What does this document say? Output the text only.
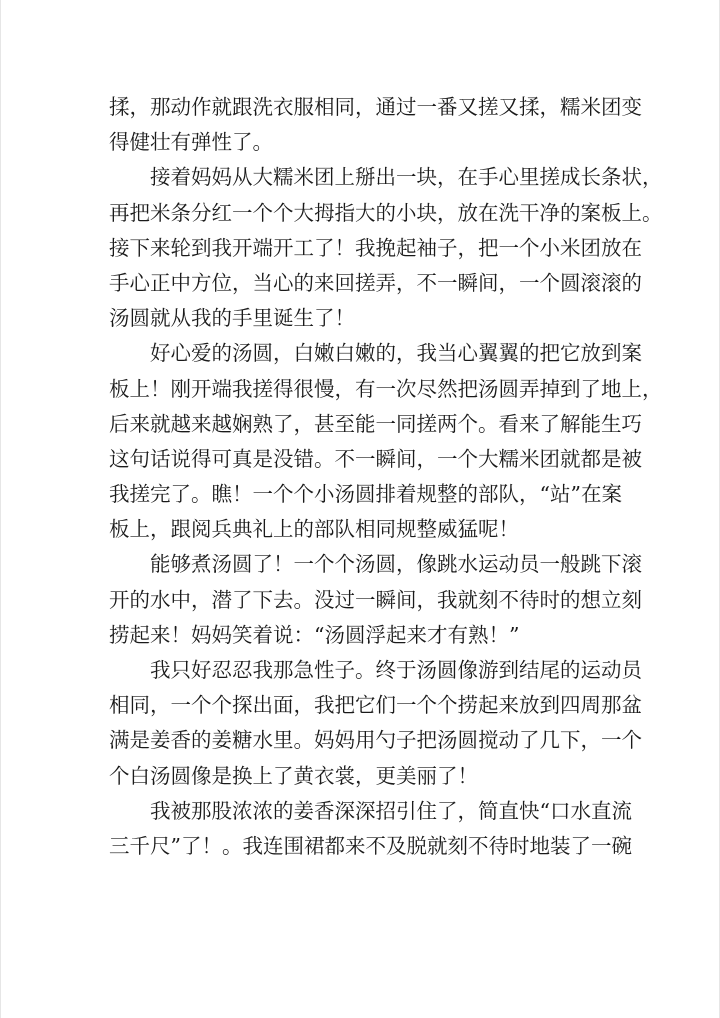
揉，那动作就跟洗衣服相同，通过一番又搓又揉，糯米团变
得健壮有弹性了。
接着妈妈从大糯米团上掰出一块，在手心里搓成长条状，
再把米条分红一个个大拇指大的小块，放在洗干净的案板上。
接下来轮到我开端开工了！我挽起袖子，把一个小米团放在
手心正中方位，当心的来回搓弄，不一瞬间，一个圆滚滚的
汤圆就从我的手里诞生了！
好心爱的汤圆，白嫩白嫩的，我当心翼翼的把它放到案
板上！刚开端我搓得很慢，有一次尽然把汤圆弄掉到了地上，
后来就越来越娴熟了，甚至能一同搓两个。看来了解能生巧
这句话说得可真是没错。不一瞬间，一个大糯米团就都是被
我搓完了。瞧！一个个小汤圆排着规整的部队，“站”在案
板上，跟阅兵典礼上的部队相同规整威猛呢！
能够煮汤圆了！一个个汤圆，像跳水运动员一般跳下滚
开的水中，潜了下去。没过一瞬间，我就刻不待时的想立刻
捞起来！妈妈笑着说：“汤圆浮起来才有熟！”
我只好忍忍我那急性子。终于汤圆像游到结尾的运动员
相同，一个个探出面，我把它们一个个捞起来放到四周那盆
满是姜香的姜糖水里。妈妈用勺子把汤圆搅动了几下，一个
个白汤圆像是换上了黄衣裳，更美丽了！
我被那股浓浓的姜香深深招引住了，简直快“口水直流
三千尺”了！。我连围裙都来不及脱就刻不待时地装了一碗
